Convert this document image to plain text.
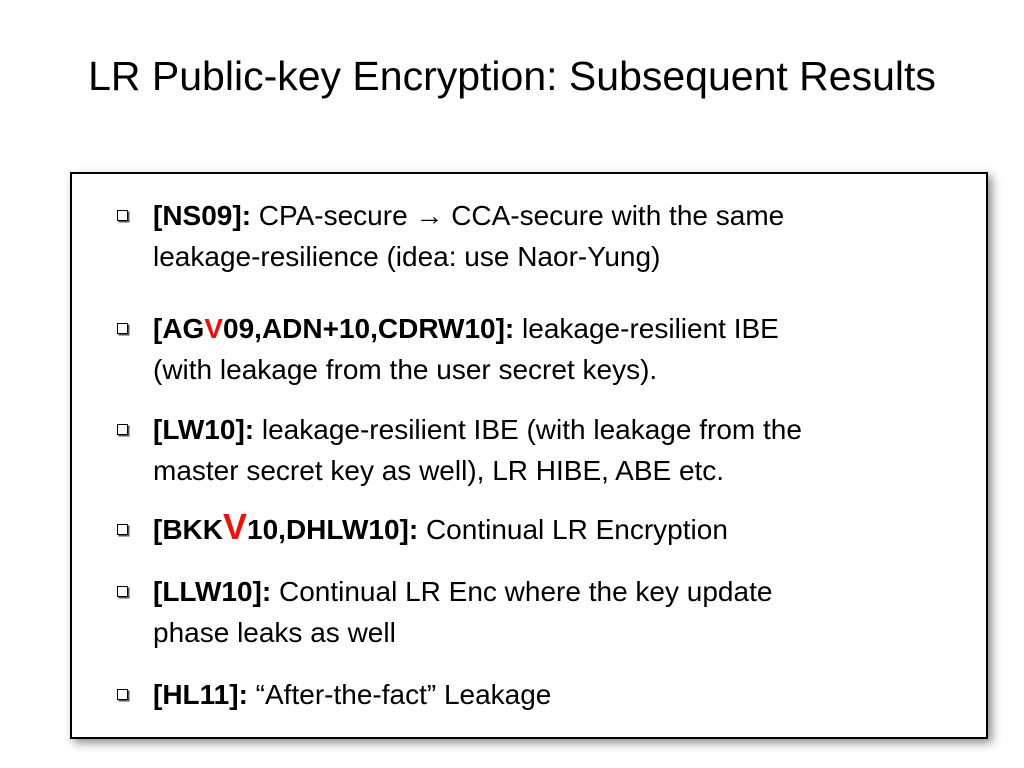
LR Public-key Encryption: Subsequent Results
[NS09]: CPA-secure → CCA-secure with the same
leakage-resilience (idea: use Naor-Yung)
[AGV09,ADN+10,CDRW10]: leakage-resilient IBE
(with leakage from the user secret keys).
[LW10]: leakage-resilient IBE (with leakage from the
master secret key as well), LR HIBE, ABE etc.
[BKKV10,DHLW10]: Continual LR Encryption
[LLW10]: Continual LR Enc where the key update
phase leaks as well
[HL11]: “After-the-fact” Leakage
